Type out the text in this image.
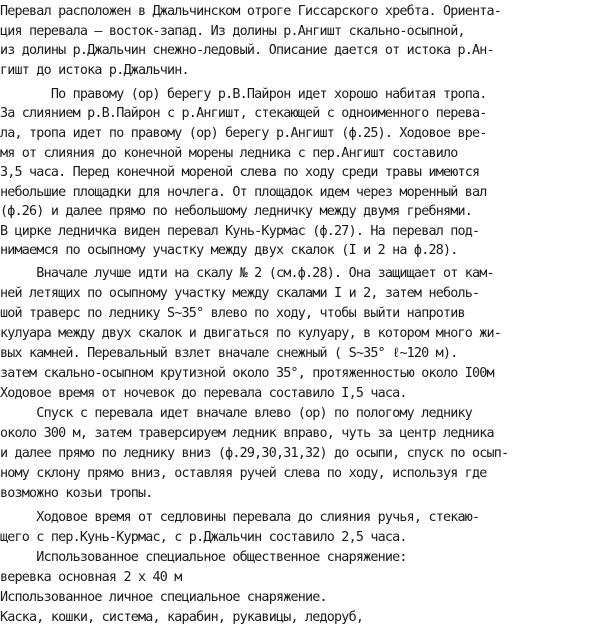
Перевал расположен в Джальчинском отроге Гиссарского хребта. Ориента-
ция перевала – восток-запад. Из долины р.Ангишт скально-осыпной,
из долины р.Джальчин снежно-ледовый. Описание дается от истока р.Ан-
гишт до истока р.Джальчин.
По правому (ор) берегу р.В.Пайрон идет хорошо набитая тропа.
За слиянием р.В.Пайрон с р.Ангишт, стекающей с одноименного перева-
ла, тропа идет по правому (ор) берегу р.Ангишт (ф.25). Ходовое вре-
мя от слияния до конечной морены ледника с пер.Ангишт составило
3,5 часа. Перед конечной мореной слева по ходу среди травы имеются
небольшие площадки для ночлега. От площадок идем через моренный вал
(ф.26) и далее прямо по небольшому ледничку между двумя гребнями.
В цирке ледничка виден перевал Кунь-Курмас (ф.27). На перевал под-
нимаемся по осыпному участку между двух скалок (I и 2 на ф.28).
Вначале лучше идти на скалу № 2 (см.ф.28). Она защищает от кам-
ней летящих по осыпному участку между скалами I и 2, затем неболь-
шой траверс по леднику S~35° влево по ходу, чтобы выйти напротив
кулуара между двух скалок и двигаться по кулуару, в котором много жи-
вых камней. Перевальный взлет вначале снежный ( S~35° ℓ~120 м).
затем скально-осыпном крутизной около 35°, протяженностью около I00м
Ходовое время от ночевок до перевала составило I,5 часа.
Спуск с перевала идет вначале влево (ор) по пологому леднику
около 300 м, затем траверсируем ледник вправо, чуть за центр ледника
и далее прямо по леднику вниз (ф.29,30,31,32) до осыпи, спуск по осып-
ному склону прямо вниз, оставляя ручей слева по ходу, используя где
возможно козьи тропы.
Ходовое время от седловины перевала до слияния ручья, стекаю-
щего с пер.Кунь-Курмас, с р.Джальчин составило 2,5 часа.
Использованное специальное общественное снаряжение:
веревка основная 2 х 40 м
Использованное личное специальное снаряжение.
Каска, кошки, система, карабин, рукавицы, ледоруб,
